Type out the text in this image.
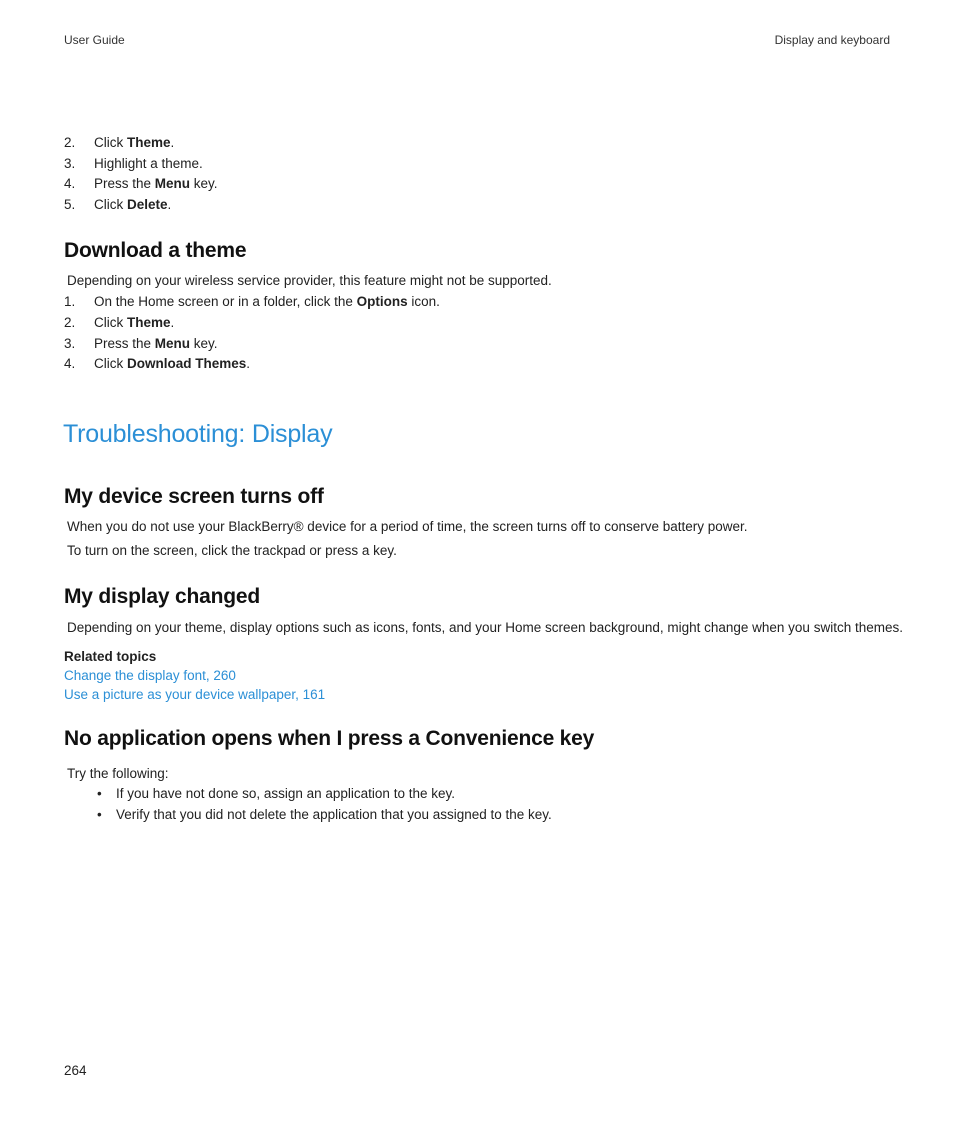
User Guide	Display and keyboard
2. Click Theme.
3. Highlight a theme.
4. Press the Menu key.
5. Click Delete.
Download a theme
Depending on your wireless service provider, this feature might not be supported.
1. On the Home screen or in a folder, click the Options icon.
2. Click Theme.
3. Press the Menu key.
4. Click Download Themes.
Troubleshooting: Display
My device screen turns off
When you do not use your BlackBerry® device for a period of time, the screen turns off to conserve battery power.
To turn on the screen, click the trackpad or press a key.
My display changed
Depending on your theme, display options such as icons, fonts, and your Home screen background, might change when you switch themes.
Related topics
Change the display font, 260
Use a picture as your device wallpaper, 161
No application opens when I press a Convenience key
Try the following:
• If you have not done so, assign an application to the key.
• Verify that you did not delete the application that you assigned to the key.
264
